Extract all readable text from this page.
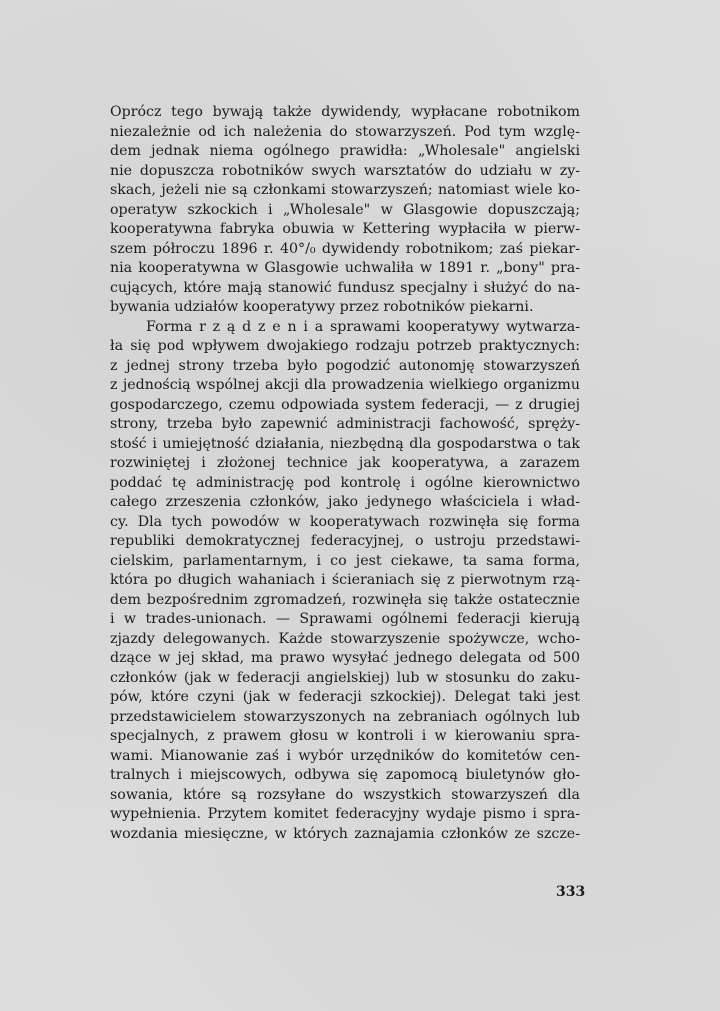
Oprócz tego bywają także dywidendy, wypłacane robotnikom
niezależnie od ich należenia do stowarzyszeń. Pod tym wzglę-
dem jednak niema ogólnego prawidła: „Wholesale" angielski
nie dopuszcza robotników swych warsztatów do udziału w zy-
skach, jeżeli nie są członkami stowarzyszeń; natomiast wiele ko-
operatyw szkockich i „Wholesale" w Glasgowie dopuszczają;
kooperatywna fabryka obuwia w Kettering wypłaciła w pierw-
szem półroczu 1896 r. 40°/₀ dywidendy robotnikom; zaś piekar-
nia kooperatywna w Glasgowie uchwaliła w 1891 r. „bony" pra-
cujących, które mają stanowić fundusz specjalny i służyć do na-
bywania udziałów kooperatywy przez robotników piekarni.
Forma r z ą d z e n i a sprawami kooperatywy wytwarza-
ła się pod wpływem dwojakiego rodzaju potrzeb praktycznych:
z jednej strony trzeba było pogodzić autonomję stowarzyszeń
z jednością wspólnej akcji dla prowadzenia wielkiego organizmu
gospodarczego, czemu odpowiada system federacji, — z drugiej
strony, trzeba było zapewnić administracji fachowość, spręży-
stość i umiejętność działania, niezbędną dla gospodarstwa o tak
rozwiniętej i złożonej technice jak kooperatywa, a zarazem
poddać tę administrację pod kontrolę i ogólne kierownictwo
całego zrzeszenia członków, jako jedynego właściciela i wład-
cy. Dla tych powodów w kooperatywach rozwinęła się forma
republiki demokratycznej federacyjnej, o ustroju przedstawi-
cielskim, parlamentarnym, i co jest ciekawe, ta sama forma,
która po długich wahaniach i ścieraniach się z pierwotnym rzą-
dem bezpośrednim zgromadzeń, rozwinęła się także ostatecznie
i w trades-unionach. — Sprawami ogólnemi federacji kierują
zjazdy delegowanych. Każde stowarzyszenie spożywcze, wcho-
dzące w jej skład, ma prawo wysyłać jednego delegata od 500
członków (jak w federacji angielskiej) lub w stosunku do zaku-
pów, które czyni (jak w federacji szkockiej). Delegat taki jest
przedstawicielem stowarzyszonych na zebraniach ogólnych lub
specjalnych, z prawem głosu w kontroli i w kierowaniu spra-
wami. Mianowanie zaś i wybór urzędników do komitetów cen-
tralnych i miejscowych, odbywa się zapomocą biuletynów gło-
sowania, które są rozsyłane do wszystkich stowarzyszeń dla
wypełnienia. Przytem komitet federacyjny wydaje pismo i spra-
wozdania miesięczne, w których zaznajamia członków ze szcze-
333
